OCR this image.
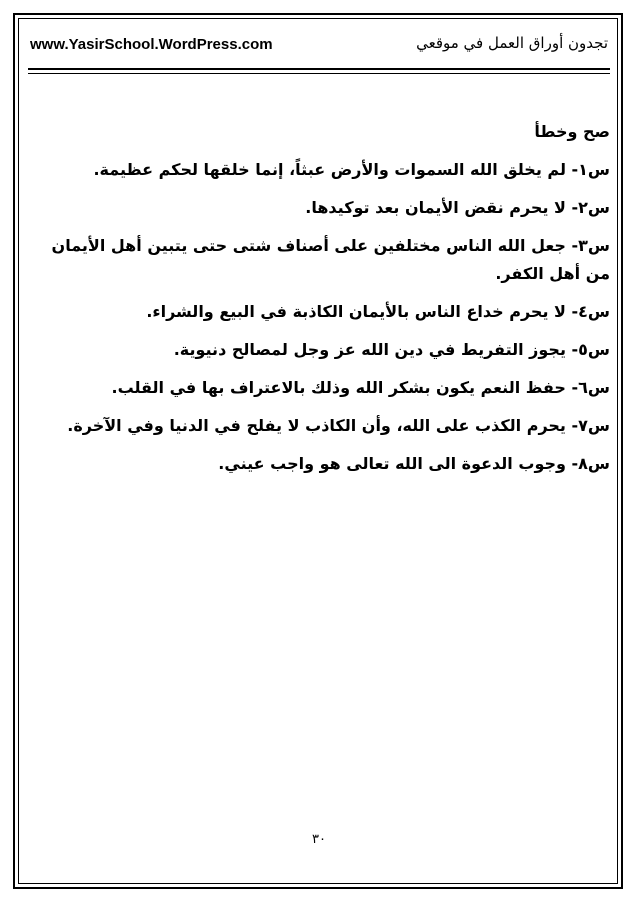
www.YasirSchool.WordPress.com	تجدون أوراق العمل في موقعي
صح وخطأ
س١- لم يخلق الله السموات والأرض عبثاً، إنما خلقها لحكم عظيمة.
س٢- لا يحرم نقض الأيمان بعد توكيدها.
س٣- جعل الله الناس مختلفين على أصناف شتى حتى يتبين أهل الأيمان من أهل الكفر.
س٤- لا يحرم خداع الناس بالأيمان الكاذبة في البيع والشراء.
س٥- يجوز التفريط في دين الله عز وجل لمصالح دنيوية.
س٦- حفظ النعم يكون بشكر الله وذلك بالاعتراف بها في القلب.
س٧- يحرم الكذب على الله، وأن الكاذب لا يفلح في الدنيا وفي الآخرة.
س٨- وجوب الدعوة الى الله تعالى هو واجب عيني.
٣٠
